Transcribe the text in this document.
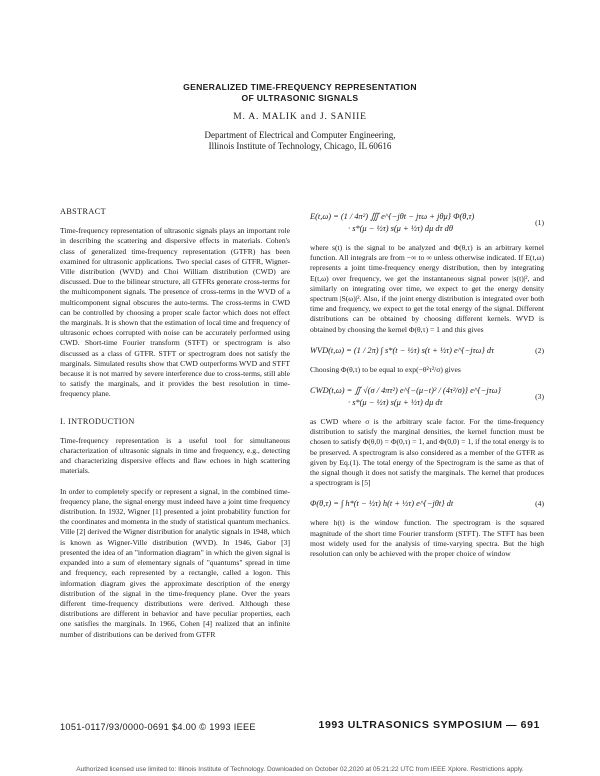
GENERALIZED TIME-FREQUENCY REPRESENTATION
OF ULTRASONIC SIGNALS
M. A. MALIK and J. SANIIE
Department of Electrical and Computer Engineering,
Illinois Institute of Technology, Chicago, IL 60616
ABSTRACT

Time-frequency representation of ultrasonic signals plays an important role in describing the scattering and dispersive effects in materials. Cohen's class of generalized time-frequency representation (GTFR) has been examined for ultrasonic applications. Two special cases of GTFR, Wigner-Ville distribution (WVD) and Choi William distribution (CWD) are discussed. Due to the bilinear structure, all GTFRs generate cross-terms for the multicomponent signals. The presence of cross-terms in the WVD of a multicomponent signal obscures the auto-terms. The cross-terms in CWD can be controlled by choosing a proper scale factor which does not effect the marginals. It is shown that the estimation of local time and frequency of ultrasonic echoes corrupted with noise can be accurately performed using CWD. Short-time Fourier transform (STFT) or spectrogram is also discussed as a class of GTFR. STFT or spectrogram does not satisfy the marginals. Simulated results show that CWD outperforms WVD and STFT because it is not marred by severe interference due to cross-terms, still able to satisfy the marginals, and it provides the best resolution in time-frequency plane.

I. INTRODUCTION

Time-frequency representation is a useful tool for simultaneous characterization of ultrasonic signals in time and frequency, e.g., detecting and characterizing dispersive effects and flaw echoes in high scattering materials.

In order to completely specify or represent a signal, in the combined time-frequency plane, the signal energy must indeed have a joint time frequency distribution. In 1932, Wigner [1] presented a joint probability function for the coordinates and momenta in the study of statistical quantum mechanics. Ville [2] derived the Wigner distribution for analytic signals in 1948, which is known as Wigner-Ville distribution (WVD). In 1946, Gabor [3] presented the idea of an "information diagram" in which the given signal is expanded into a sum of elementary signals of "quantums" spread in time and frequency, each represented by a rectangle, called a logon. This information diagram gives the approximate description of the energy distribution of the signal in the time-frequency plane. Over the years different time-frequency distributions were derived. Although these distributions are different in behavior and have peculiar properties, each one satisfies the marginals. In 1966, Cohen [4] realized that an infinite number of distributions can be derived from GTFR

E(t,ω) = (1 / 4π²) ∭ e^{−jθt − jτω + jθμ} Φ(θ,τ)
· s*(μ − ½τ) s(μ + ½τ) dμ dτ dθ
(1)

where s(t) is the signal to be analyzed and Φ(θ,τ) is an arbitrary kernel function. All integrals are from −∞ to ∞ unless otherwise indicated. If E(t,ω) represents a joint time-frequency energy distribution, then by integrating E(t,ω) over frequency, we get the instantaneous signal power |s(t)|², and similarly on integrating over time, we expect to get the energy density spectrum |S(ω)|². Also, if the joint energy distribution is integrated over both time and frequency, we expect to get the total energy of the signal. Different distributions can be obtained by choosing different kernels. WVD is obtained by choosing the kernel Φ(θ,τ) = 1 and this gives

WVD(t,ω) = (1 / 2π) ∫ s*(t − ½τ) s(t + ½τ) e^{−jτω} dτ	(2)

Choosing Φ(θ,τ) to be equal to exp(−θ²τ²/σ) gives

CWD(t,ω) = ∬ √(σ / 4πτ²) e^{−(μ−t)² / (4τ²/σ)} e^{−jτω}
· s*(μ − ½τ) s(μ + ½τ) dμ dτ
(3)

as CWD where σ is the arbitrary scale factor. For the time-frequency distribution to satisfy the marginal densities, the kernel function must be chosen to satisfy Φ(θ,0) = Φ(0,τ) = 1, and Φ(0,0) = 1, if the total energy is to be preserved. A spectrogram is also considered as a member of the GTFR as given by Eq.(1). The total energy of the Spectrogram is the same as that of the signal though it does not satisfy the marginals. The kernel that produces a spectrogram is [5]

Φ(θ,τ) = ∫ h*(t − ½τ) h(t + ½τ) e^{−jθt} dt	(4)

where h(t) is the window function. The spectrogram is the squared magnitude of the short time Fourier transform (STFT). The STFT has been most widely used for the analysis of time-varying spectra. But the high resolution can only be achieved with the proper choice of window

1051-0117/93/0000-0691 $4.00 © 1993 IEEE	1993 ULTRASONICS SYMPOSIUM — 691
Authorized licensed use limited to: Illinois Institute of Technology. Downloaded on October 02,2020 at 05:21:22 UTC from IEEE Xplore. Restrictions apply.
